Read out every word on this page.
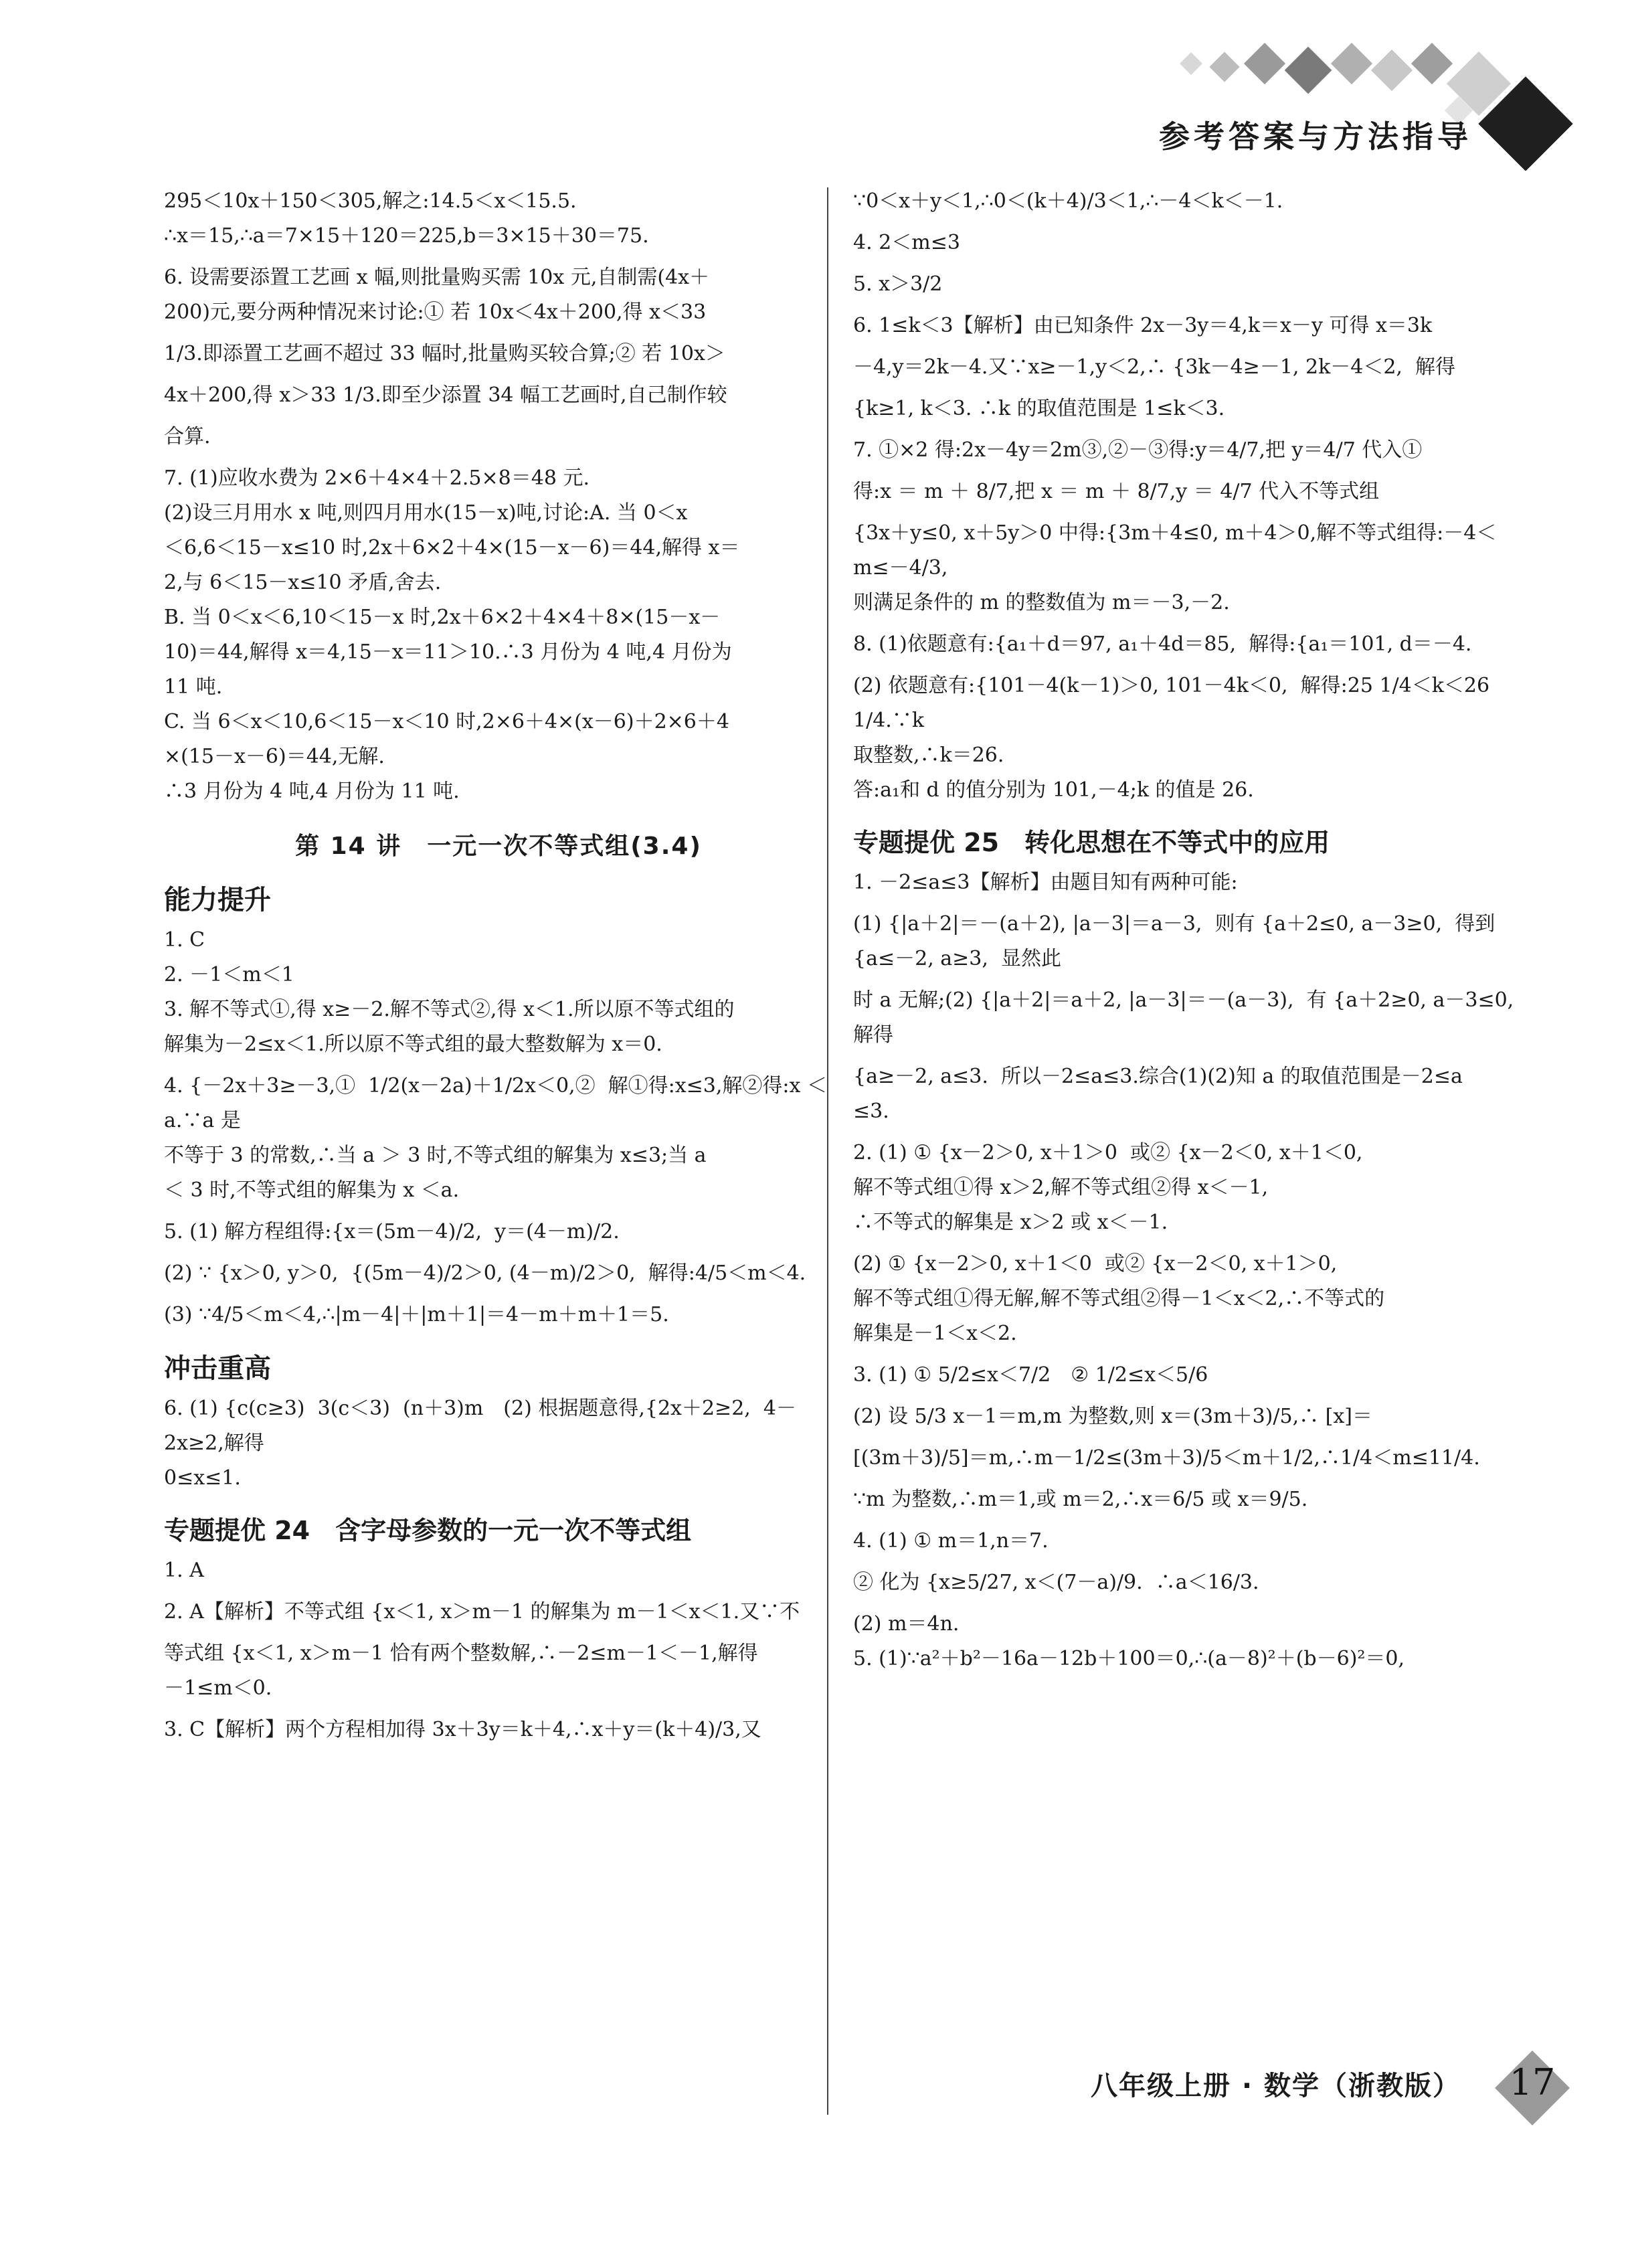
参考答案与方法指导
295＜10x＋150＜305,解之:14.5＜x＜15.5.
∴x＝15,∴a＝7×15＋120＝225,b＝3×15＋30＝75.
6. 设需要添置工艺画 x 幅,则批量购买需 10x 元,自制需(4x＋
200)元,要分两种情况来讨论:① 若 10x＜4x＋200,得 x＜33
1/3.即添置工艺画不超过 33 幅时,批量购买较合算;② 若 10x＞
4x＋200,得 x＞33 1/3.即至少添置 34 幅工艺画时,自己制作较
合算.
7. (1)应收水费为 2×6＋4×4＋2.5×8＝48 元.
(2)设三月用水 x 吨,则四月用水(15－x)吨,讨论:A. 当 0＜x
＜6,6＜15－x≤10 时,2x＋6×2＋4×(15－x－6)＝44,解得 x＝
2,与 6＜15－x≤10 矛盾,舍去.
B. 当 0＜x＜6,10＜15－x 时,2x＋6×2＋4×4＋8×(15－x－
10)＝44,解得 x＝4,15－x＝11＞10.∴3 月份为 4 吨,4 月份为
11 吨.
C. 当 6＜x＜10,6＜15－x＜10 时,2×6＋4×(x－6)＋2×6＋4
×(15－x－6)＝44,无解.
∴3 月份为 4 吨,4 月份为 11 吨.
第 14 讲　一元一次不等式组(3.4)
能力提升
1. C
2. －1＜m＜1
3. 解不等式①,得 x≥－2.解不等式②,得 x＜1.所以原不等式组的
解集为－2≤x＜1.所以原不等式组的最大整数解为 x＝0.
4. {－2x＋3≥－3,①  1/2(x－2a)＋1/2x＜0,②  解①得:x≤3,解②得:x ＜ a.∵a 是
不等于 3 的常数,∴当 a ＞ 3 时,不等式组的解集为 x≤3;当 a
＜ 3 时,不等式组的解集为 x ＜a.
5. (1) 解方程组得:{x＝(5m－4)/2,  y＝(4－m)/2.
(2) ∵ {x＞0, y＞0,  {(5m－4)/2＞0, (4－m)/2＞0,  解得:4/5＜m＜4.
(3) ∵4/5＜m＜4,∴|m－4|＋|m＋1|＝4－m＋m＋1＝5.
冲击重高
6. (1) {c(c≥3)  3(c＜3)  (n＋3)m　(2) 根据题意得,{2x＋2≥2,  4－2x≥2,解得
0≤x≤1.
专题提优 24　含字母参数的一元一次不等式组
1. A
2. A【解析】不等式组 {x＜1, x＞m－1 的解集为 m－1＜x＜1.又∵不
等式组 {x＜1, x＞m－1 恰有两个整数解,∴－2≤m－1＜－1,解得
－1≤m＜0.
3. C【解析】两个方程相加得 3x＋3y＝k＋4,∴x＋y＝(k＋4)/3,又
∵0＜x＋y＜1,∴0＜(k＋4)/3＜1,∴－4＜k＜－1.
4. 2＜m≤3
5. x＞3/2
6. 1≤k＜3【解析】由已知条件 2x－3y＝4,k＝x－y 可得 x＝3k
－4,y＝2k－4.又∵x≥－1,y＜2,∴ {3k－4≥－1, 2k－4＜2,  解得
{k≥1, k＜3. ∴k 的取值范围是 1≤k＜3.
7. ①×2 得:2x－4y＝2m③,②－③得:y＝4/7,把 y＝4/7 代入①
得:x ＝ m ＋ 8/7,把 x ＝ m ＋ 8/7,y ＝ 4/7 代入不等式组
{3x＋y≤0, x＋5y＞0 中得:{3m＋4≤0, m＋4＞0,解不等式组得:－4＜m≤－4/3,
则满足条件的 m 的整数值为 m＝－3,－2.
8. (1)依题意有:{a₁＋d＝97, a₁＋4d＝85,  解得:{a₁＝101, d＝－4.
(2) 依题意有:{101－4(k－1)＞0, 101－4k＜0,  解得:25 1/4＜k＜26 1/4.∵k
取整数,∴k＝26.
答:a₁和 d 的值分别为 101,－4;k 的值是 26.
专题提优 25　转化思想在不等式中的应用
1. －2≤a≤3【解析】由题目知有两种可能:
(1) {|a＋2|＝－(a＋2), |a－3|＝a－3,  则有 {a＋2≤0, a－3≥0,  得到 {a≤－2, a≥3,  显然此
时 a 无解;(2) {|a＋2|＝a＋2, |a－3|＝－(a－3),  有 {a＋2≥0, a－3≤0,  解得
{a≥－2, a≤3.  所以－2≤a≤3.综合(1)(2)知 a 的取值范围是－2≤a
≤3.
2. (1) ① {x－2＞0, x＋1＞0  或② {x－2＜0, x＋1＜0,
解不等式组①得 x＞2,解不等式组②得 x＜－1,
∴不等式的解集是 x＞2 或 x＜－1.
(2) ① {x－2＞0, x＋1＜0  或② {x－2＜0, x＋1＞0,
解不等式组①得无解,解不等式组②得－1＜x＜2,∴不等式的
解集是－1＜x＜2.
3. (1) ① 5/2≤x＜7/2　② 1/2≤x＜5/6
(2) 设 5/3 x－1＝m,m 为整数,则 x＝(3m＋3)/5,∴ [x]＝
[(3m＋3)/5]＝m,∴m－1/2≤(3m＋3)/5＜m＋1/2,∴1/4＜m≤11/4.
∵m 为整数,∴m＝1,或 m＝2,∴x＝6/5 或 x＝9/5.
4. (1) ① m＝1,n＝7.
② 化为 {x≥5/27, x＜(7－a)/9.  ∴a＜16/3.
(2) m＝4n.
5. (1)∵a²＋b²－16a－12b＋100＝0,∴(a－8)²＋(b－6)²＝0,
八年级上册 · 数学（浙教版）	17
